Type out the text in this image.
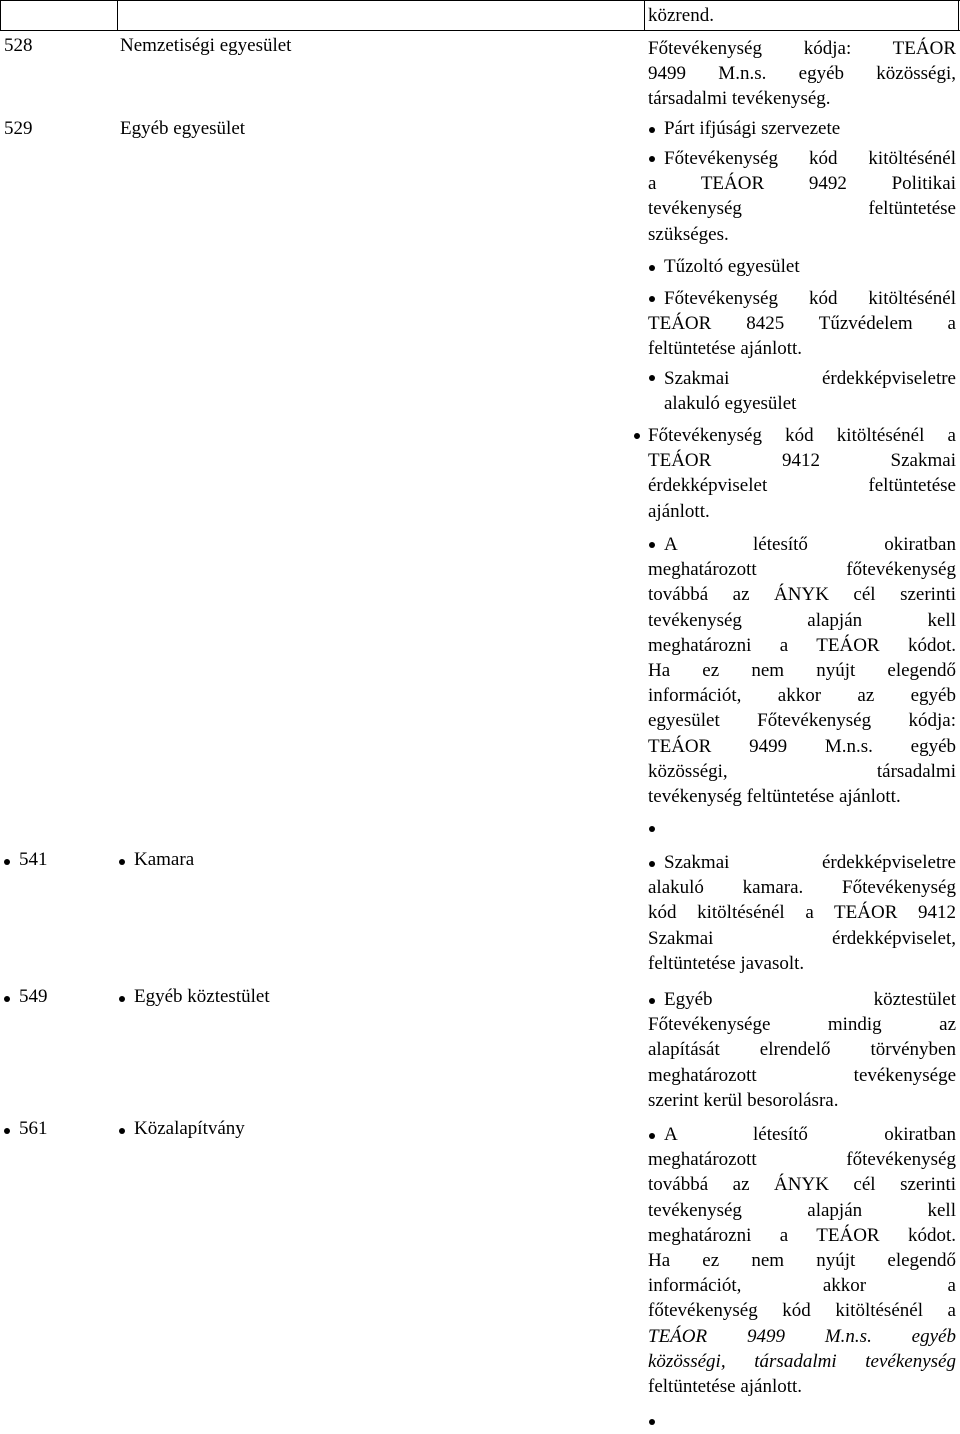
közrend.
528	Nemzetiségi egyesület	Főtevékenység kódja: TEÁOR
9499 M.n.s. egyéb közösségi,
társadalmi tevékenység.
529	Egyéb egyesület	Párt ifjúsági szervezete
Főtevékenység kód kitöltésénél
a TEÁOR 9492 Politikai
tevékenység feltüntetése
szükséges.
Tűzoltó egyesület
Főtevékenység kód kitöltésénél
TEÁOR 8425 Tűzvédelem a
feltüntetése ajánlott.
Szakmai érdekképviseletre
alakuló egyesület
Főtevékenység kód kitöltésénél a
TEÁOR 9412 Szakmai
érdekképviselet feltüntetése
ajánlott.
A létesítő okiratban
meghatározott főtevékenység
továbbá az ÁNYK cél szerinti
tevékenység alapján kell
meghatározni a TEÁOR kódot.
Ha ez nem nyújt elegendő
információt, akkor az egyéb
egyesület Főtevékenység kódja:
TEÁOR 9499 M.n.s. egyéb
közösségi, társadalmi
tevékenység feltüntetése ajánlott.
541	Kamara	Szakmai érdekképviseletre
alakuló kamara. Főtevékenység
kód kitöltésénél a TEÁOR 9412
Szakmai érdekképviselet,
feltüntetése javasolt.
549	Egyéb köztestület	Egyéb köztestület
Főtevékenysége mindig az
alapítását elrendelő törvényben
meghatározott tevékenysége
szerint kerül besorolásra.
561	Közalapítvány	A létesítő okiratban
meghatározott főtevékenység
továbbá az ÁNYK cél szerinti
tevékenység alapján kell
meghatározni a TEÁOR kódot.
Ha ez nem nyújt elegendő
információt, akkor a
főtevékenység kód kitöltésénél a
TEÁOR 9499 M.n.s. egyéb
közösségi, társadalmi tevékenység
feltüntetése ajánlott.
